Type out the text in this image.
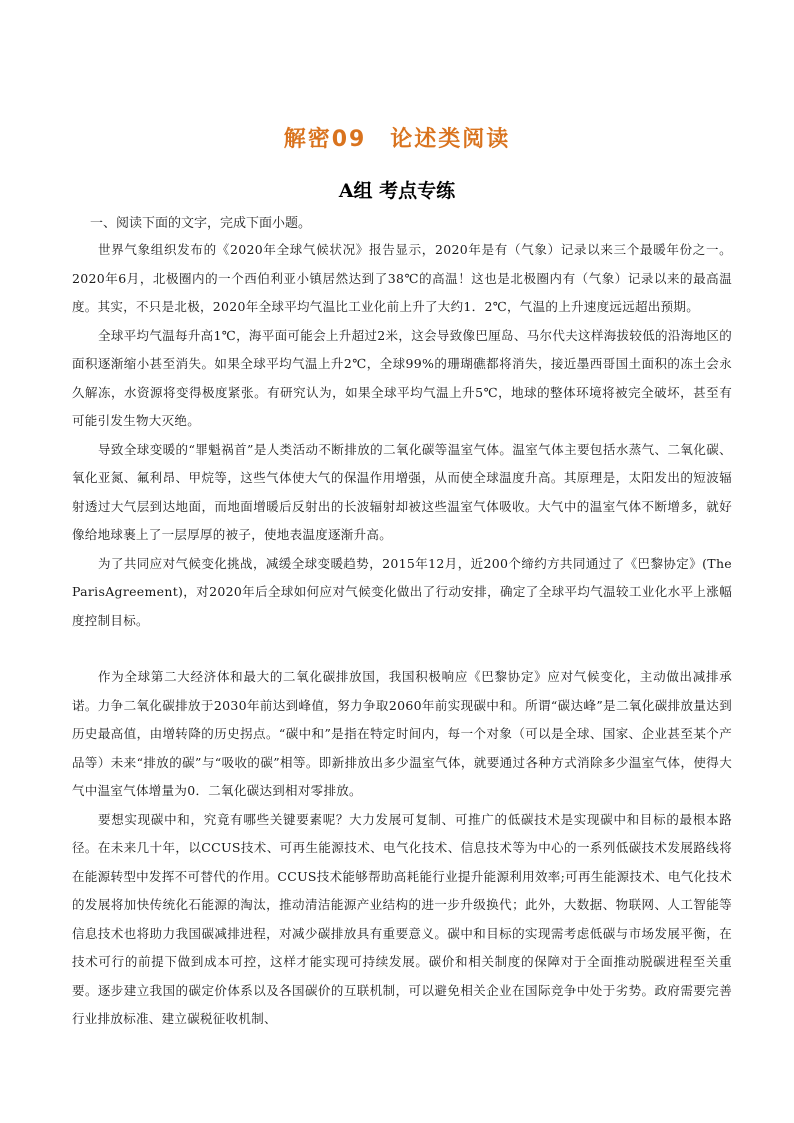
解密09　论述类阅读
A组 考点专练
一、阅读下面的文字，完成下面小题。

世界气象组织发布的《2020年全球气候状况》报告显示，2020年是有（气象）记录以来三个最暖年份之一。2020年6月，北极圈内的一个西伯利亚小镇居然达到了38℃的高温！这也是北极圈内有（气象）记录以来的最高温度。其实，不只是北极，2020年全球平均气温比工业化前上升了大约1．2℃，气温的上升速度远远超出预期。

全球平均气温每升高1℃，海平面可能会上升超过2米，这会导致像巴厘岛、马尔代夫这样海拔较低的沿海地区的面积逐渐缩小甚至消失。如果全球平均气温上升2℃，全球99%的珊瑚礁都将消失，接近墨西哥国土面积的冻土会永久解冻，水资源将变得极度紧张。有研究认为，如果全球平均气温上升5℃，地球的整体环境将被完全破坏，甚至有可能引发生物大灭绝。

导致全球变暖的“罪魁祸首”是人类活动不断排放的二氧化碳等温室气体。温室气体主要包括水蒸气、二氧化碳、氧化亚氮、氟利昂、甲烷等，这些气体使大气的保温作用增强，从而使全球温度升高。其原理是，太阳发出的短波辐射透过大气层到达地面，而地面增暖后反射出的长波辐射却被这些温室气体吸收。大气中的温室气体不断增多，就好像给地球裹上了一层厚厚的被子，使地表温度逐渐升高。

为了共同应对气候变化挑战，减缓全球变暖趋势，2015年12月，近200个缔约方共同通过了《巴黎协定》(The ParisAgreement)，对2020年后全球如何应对气候变化做出了行动安排，确定了全球平均气温较工业化水平上涨幅度控制目标。

作为全球第二大经济体和最大的二氧化碳排放国，我国积极响应《巴黎协定》应对气候变化，主动做出减排承诺。力争二氧化碳排放于2030年前达到峰值，努力争取2060年前实现碳中和。所谓“碳达峰”是二氧化碳排放量达到历史最高值，由增转降的历史拐点。“碳中和”是指在特定时间内，每一个对象（可以是全球、国家、企业甚至某个产品等）未来“排放的碳”与“吸收的碳”相等。即新排放出多少温室气体，就要通过各种方式消除多少温室气体，使得大气中温室气体增量为0．二氧化碳达到相对零排放。

要想实现碳中和，究竟有哪些关键要素呢？大力发展可复制、可推广的低碳技术是实现碳中和目标的最根本路径。在未来几十年，以CCUS技术、可再生能源技术、电气化技术、信息技术等为中心的一系列低碳技术发展路线将在能源转型中发挥不可替代的作用。CCUS技术能够帮助高耗能行业提升能源利用效率;可再生能源技术、电气化技术的发展将加快传统化石能源的淘汰，推动清洁能源产业结构的进一步升级换代；此外，大数据、物联网、人工智能等信息技术也将助力我国碳减排进程，对减少碳排放具有重要意义。碳中和目标的实现需考虑低碳与市场发展平衡，在技术可行的前提下做到成本可控，这样才能实现可持续发展。碳价和相关制度的保障对于全面推动脱碳进程至关重要。逐步建立我国的碳定价体系以及各国碳价的互联机制，可以避免相关企业在国际竞争中处于劣势。政府需要完善行业排放标准、建立碳税征收机制、
